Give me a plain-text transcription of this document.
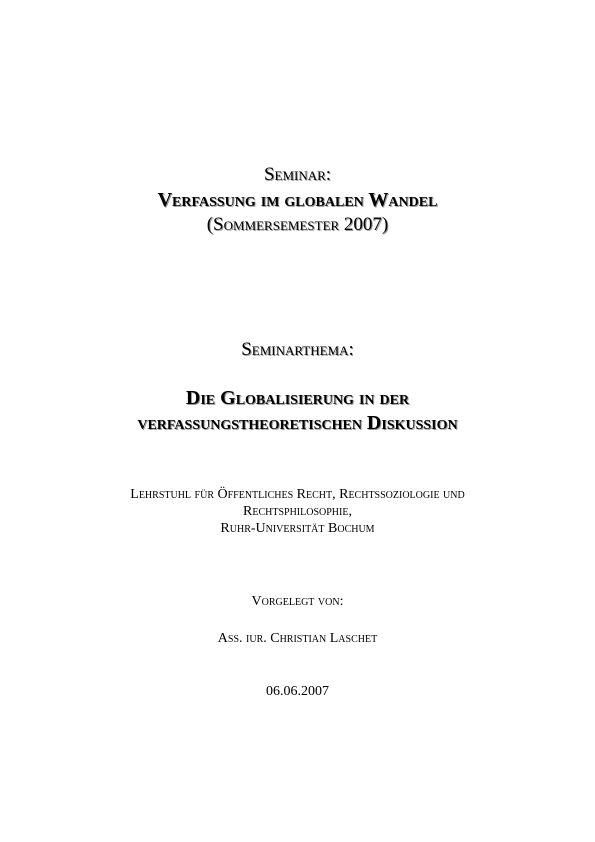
Seminar:
Verfassung im globalen Wandel
(Sommersemester 2007)
Seminarthema:
Die Globalisierung in der
verfassungstheoretischen Diskussion
Lehrstuhl für Öffentliches Recht, Rechtssoziologie und
Rechtsphilosophie,
Ruhr-Universität Bochum
Vorgelegt von:
Ass. iur. Christian Laschet
06.06.2007
